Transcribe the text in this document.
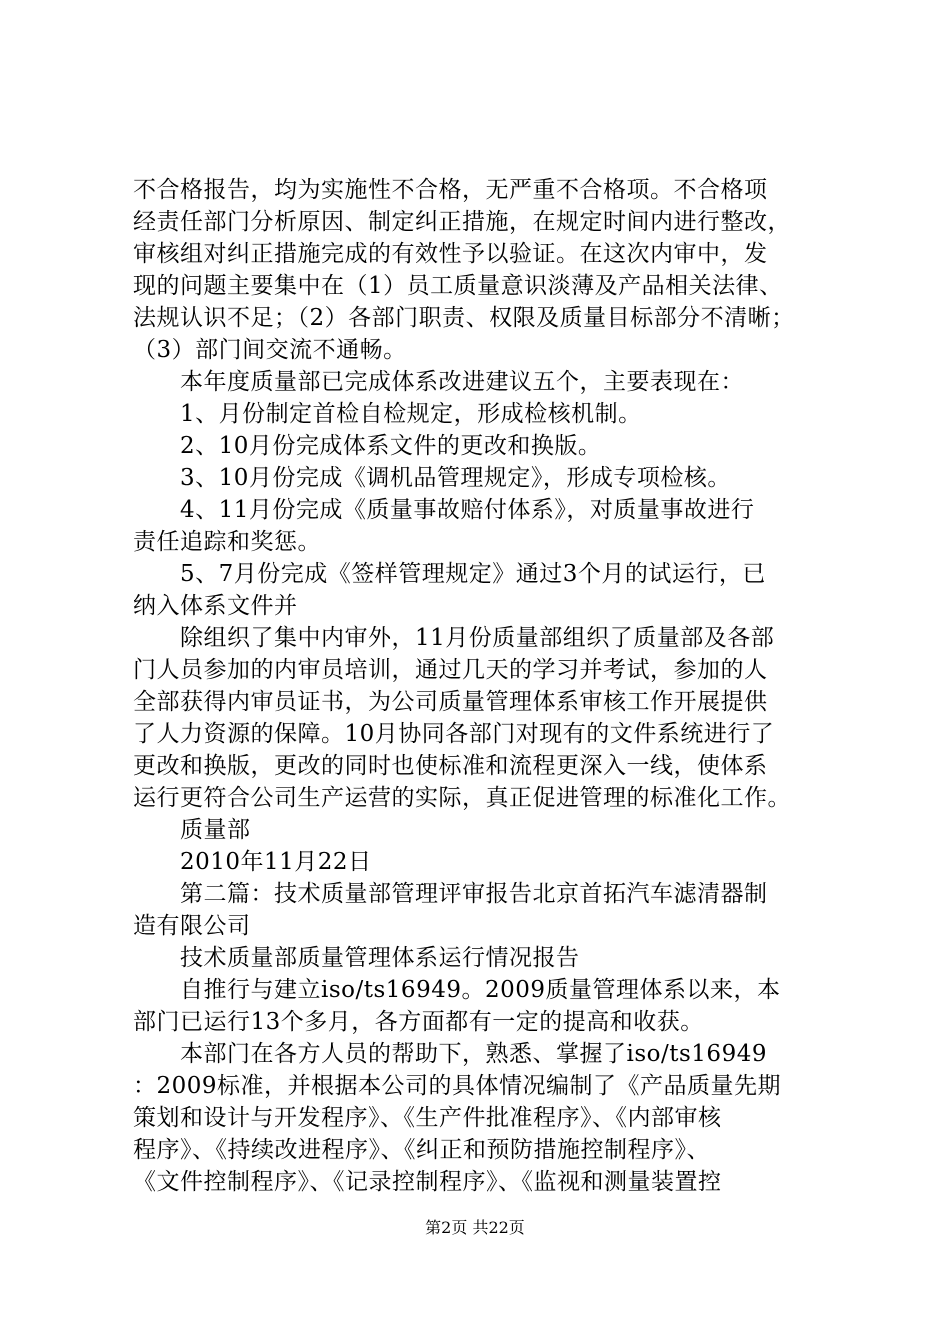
不合格报告，均为实施性不合格，无严重不合格项。不合格项
经责任部门分析原因、制定纠正措施，在规定时间内进行整改，
审核组对纠正措施完成的有效性予以验证。在这次内审中，发
现的问题主要集中在（1）员工质量意识淡薄及产品相关法律、
法规认识不足；（2）各部门职责、权限及质量目标部分不清晰；
（3）部门间交流不通畅。
本年度质量部已完成体系改进建议五个，主要表现在：
1、月份制定首检自检规定，形成检核机制。
2、10月份完成体系文件的更改和换版。
3、10月份完成《调机品管理规定》，形成专项检核。
4、11月份完成《质量事故赔付体系》，对质量事故进行
责任追踪和奖惩。
5、7月份完成《签样管理规定》通过3个月的试运行，已
纳入体系文件并
除组织了集中内审外，11月份质量部组织了质量部及各部
门人员参加的内审员培训，通过几天的学习并考试，参加的人
全部获得内审员证书，为公司质量管理体系审核工作开展提供
了人力资源的保障。10月协同各部门对现有的文件系统进行了
更改和换版，更改的同时也使标准和流程更深入一线，使体系
运行更符合公司生产运营的实际，真正促进管理的标准化工作。
质量部
2010年11月22日
第二篇：技术质量部管理评审报告北京首拓汽车滤清器制
造有限公司
技术质量部质量管理体系运行情况报告
自推行与建立iso/ts16949。2009质量管理体系以来，本
部门已运行13个多月，各方面都有一定的提高和收获。
本部门在各方人员的帮助下，熟悉、掌握了iso/ts16949
：2009标准，并根据本公司的具体情况编制了《产品质量先期
策划和设计与开发程序》、《生产件批准程序》、《内部审核
程序》、《持续改进程序》、《纠正和预防措施控制程序》、
《文件控制程序》、《记录控制程序》、《监视和测量装置控
第2页 共22页
